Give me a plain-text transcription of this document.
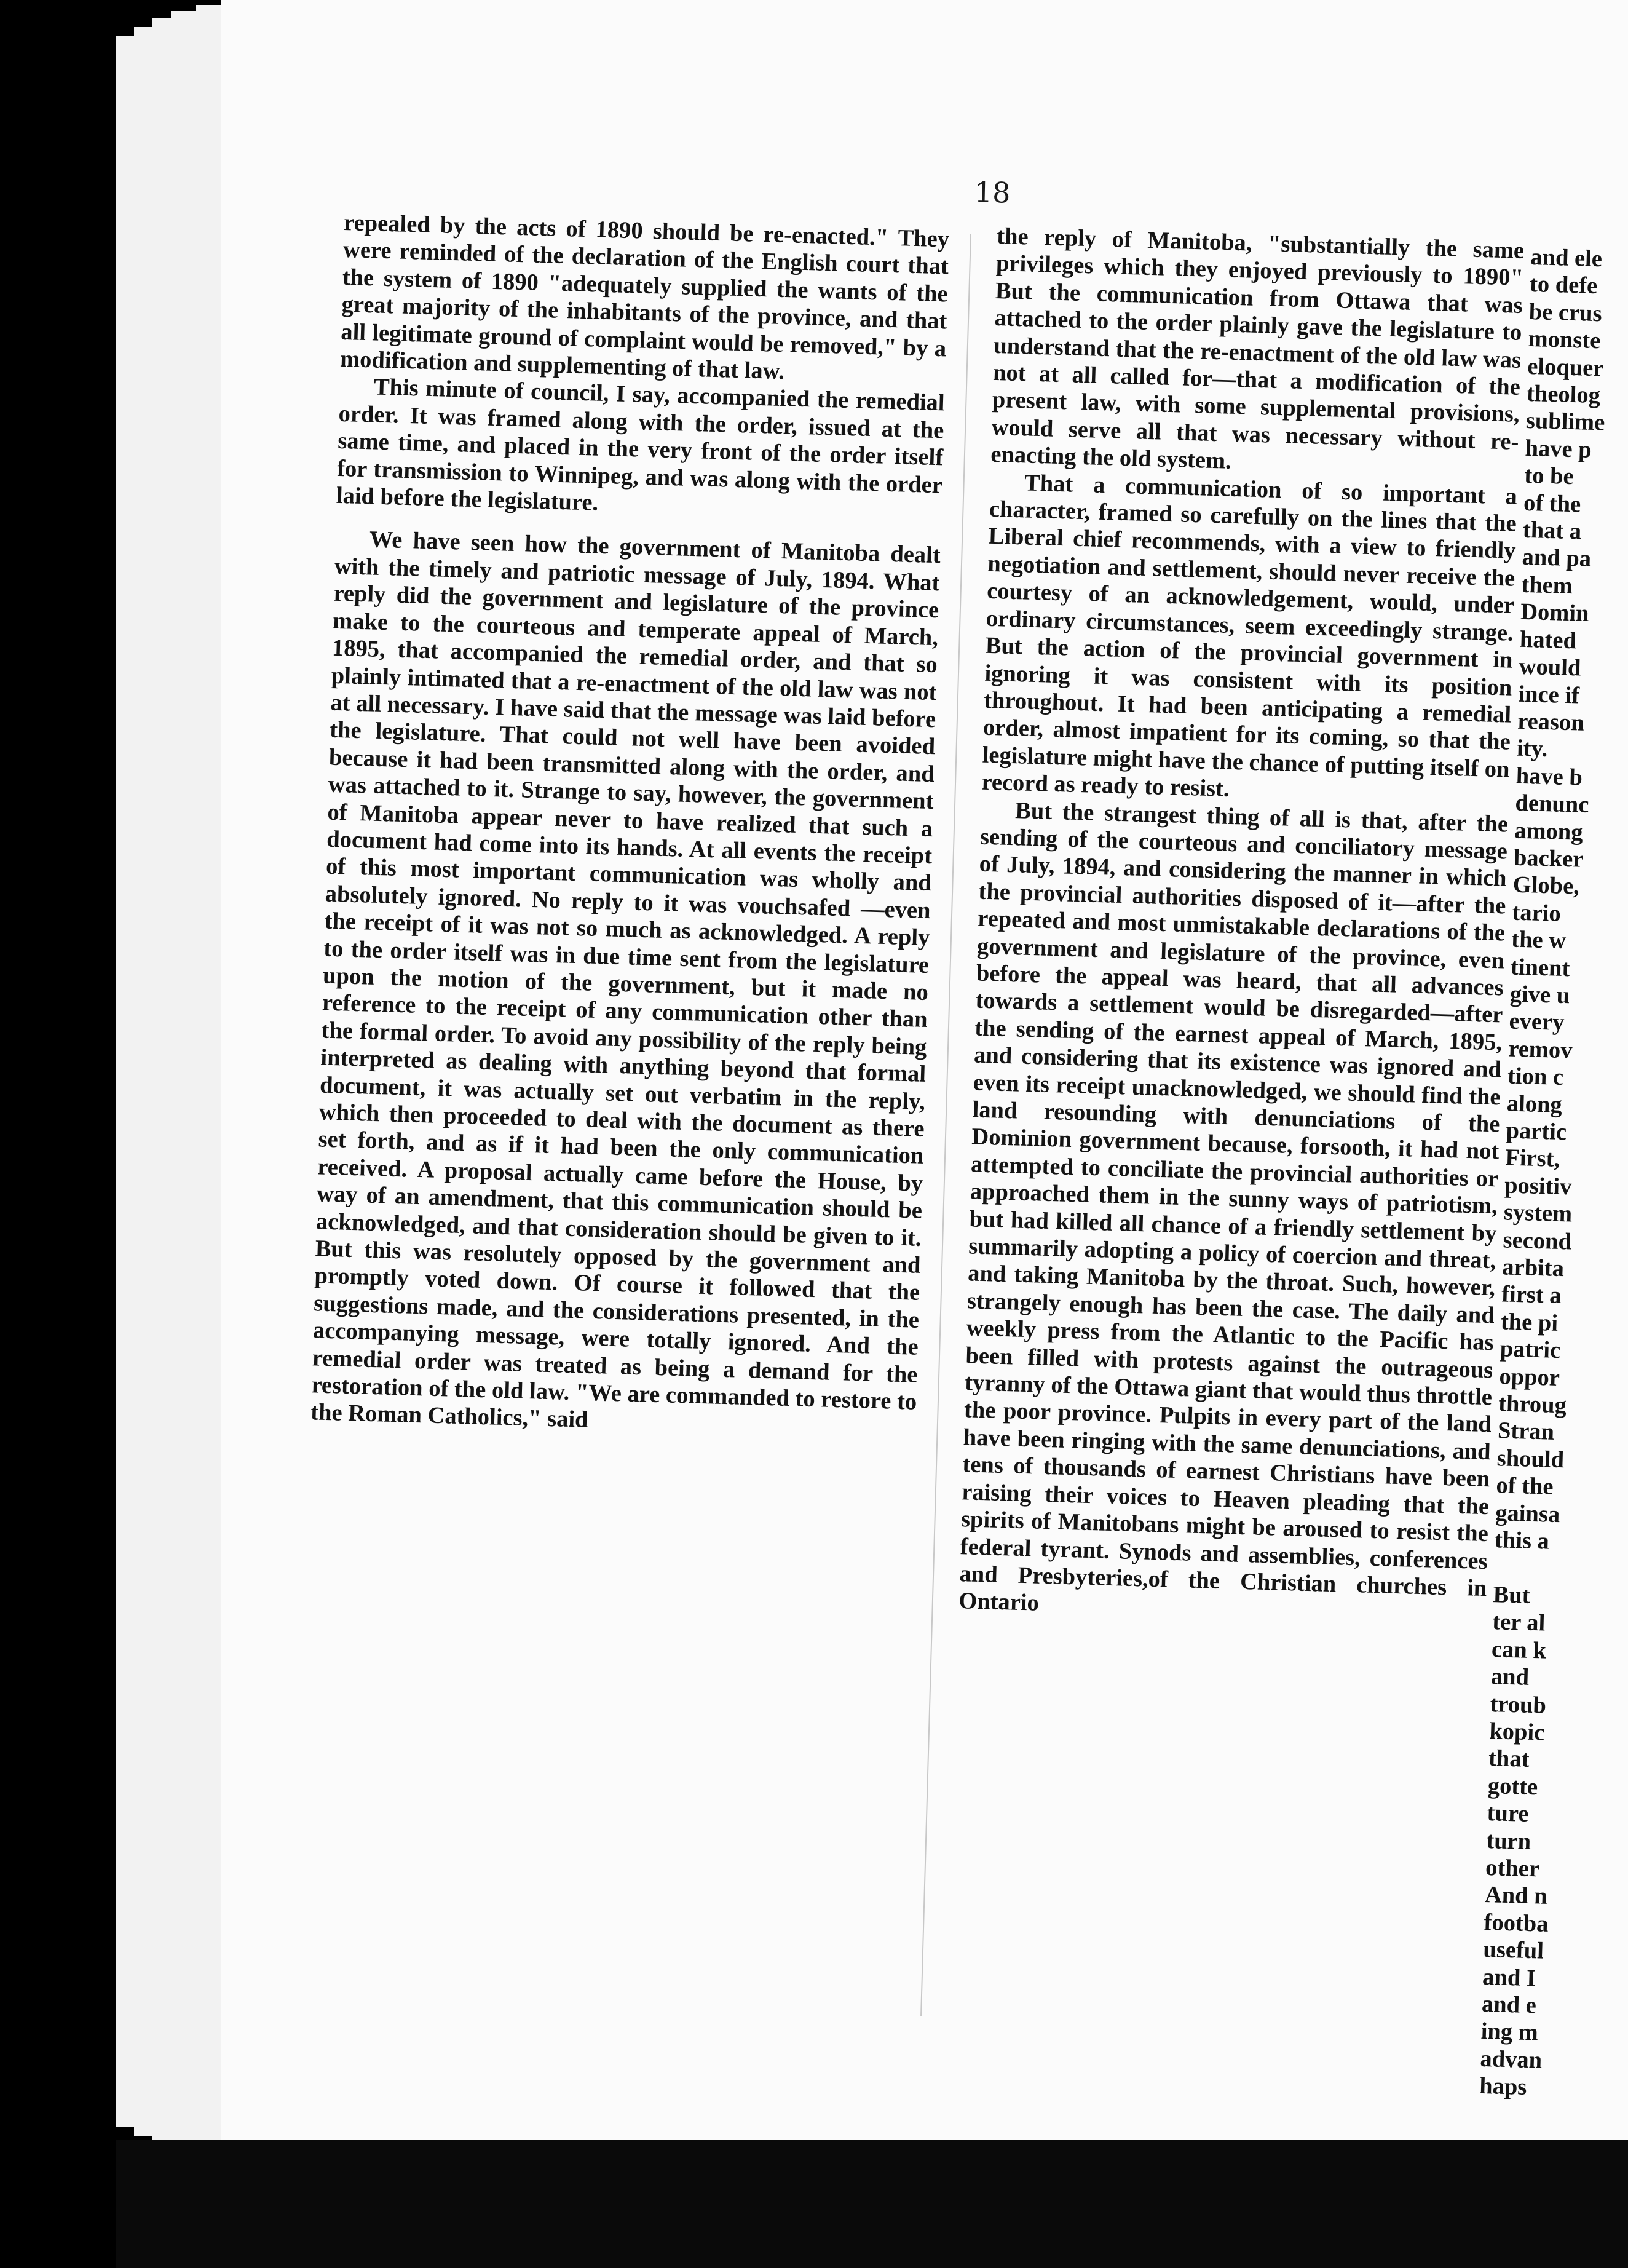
18

repealed by the acts of 1890 should be re-enacted." They were reminded of the declaration of the English court that the system of 1890 "adequately supplied the wants of the great majority of the inhabitants of the province, and that all legitimate ground of complaint would be removed," by a modification and supplementing of that law.

This minute of council, I say, accompanied the remedial order. It was framed along with the order, issued at the same time, and placed in the very front of the order itself for transmission to Winnipeg, and was along with the order laid before the legislature.

We have seen how the government of Manitoba dealt with the timely and patriotic message of July, 1894. What reply did the government and legislature of the province make to the courteous and temperate appeal of March, 1895, that accompanied the remedial order, and that so plainly intimated that a re-enactment of the old law was not at all necessary. I have said that the message was laid before the legislature. That could not well have been avoided because it had been transmitted along with the order, and was attached to it. Strange to say, however, the government of Manitoba appear never to have realized that such a document had come into its hands. At all events the receipt of this most important communication was wholly and absolutely ignored. No reply to it was vouchsafed —even the receipt of it was not so much as acknowledged. A reply to the order itself was in due time sent from the legislature upon the motion of the government, but it made no reference to the receipt of any communication other than the formal order. To avoid any possibility of the reply being interpreted as dealing with anything beyond that formal document, it was actually set out verbatim in the reply, which then proceeded to deal with the document as there set forth, and as if it had been the only communication received. A proposal actually came before the House, by way of an amendment, that this communication should be acknowledged, and that consideration should be given to it. But this was resolutely opposed by the government and promptly voted down. Of course it followed that the suggestions made, and the considerations presented, in the accompanying message, were totally ignored. And the remedial order was treated as being a demand for the restoration of the old law. "We are commanded to restore to the Roman Catholics," said

the reply of Manitoba, "substantially the same privileges which they enjoyed previously to 1890" But the communication from Ottawa that was attached to the order plainly gave the legislature to understand that the re-enactment of the old law was not at all called for—that a modification of the present law, with some supplemental provisions, would serve all that was necessary without re-enacting the old system.

That a communication of so important a character, framed so carefully on the lines that the Liberal chief recommends, with a view to friendly negotiation and settlement, should never receive the courtesy of an acknowledgement, would, under ordinary circumstances, seem exceedingly strange. But the action of the provincial government in ignoring it was consistent with its position throughout. It had been anticipating a remedial order, almost impatient for its coming, so that the legislature might have the chance of putting itself on record as ready to resist.

But the strangest thing of all is that, after the sending of the courteous and conciliatory message of July, 1894, and considering the manner in which the provincial authorities disposed of it—after the repeated and most unmistakable declarations of the government and legislature of the province, even before the appeal was heard, that all advances towards a settlement would be disregarded—after the sending of the earnest appeal of March, 1895, and considering that its existence was ignored and even its receipt unacknowledged, we should find the land resounding with denunciations of the Dominion government because, forsooth, it had not attempted to conciliate the provincial authorities or approached them in the sunny ways of patriotism, but had killed all chance of a friendly settlement by summarily adopting a policy of coercion and threat, and taking Manitoba by the throat. Such, however, strangely enough has been the case. The daily and weekly press from the Atlantic to the Pacific has been filled with protests against the outrageous tyranny of the Ottawa giant that would thus throttle the poor province. Pulpits in every part of the land have been ringing with the same denunciations, and tens of thousands of earnest Christians have been raising their voices to Heaven pleading that the spirits of Manitobans might be aroused to resist the federal tyrant. Synods and assemblies, conferences and Presbyteries,of the Christian churches in Ontario

and ele
to defe
be crus
monste
eloquer
theolog
sublime
have p
to be
of the
that a
and pa
them
Domin
hated
would
ince if
reason
ity.
have b
denunc
among
backer
Globe,
tario
the w
tinent
give u
every
remov
tion c
along
partic
First,
positiv
system
second
arbita
first a
the pi
patric
oppor
throug
Stran
should
of the
gainsa
this a

But
ter al
can k
and
troub
kopic
that
gotte
ture
turn
other
And n
footba
useful
and I
and e
ing m
advan
haps
